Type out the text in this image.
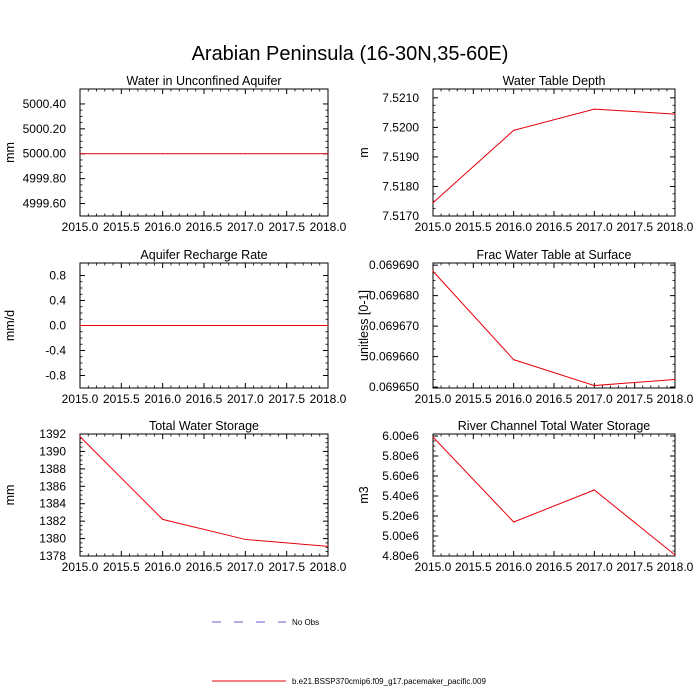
Arabian Peninsula (16-30N,35-60E)
Water in Unconfined Aquifer
2015.0 2015.5 2016.0 2016.5 2017.0 2017.5 2018.0
4999.60
4999.80
5000.00
5000.20
5000.40
mm
Water Table Depth
2015.0 2015.5 2016.0 2016.5 2017.0 2017.5 2018.0
7.5170
7.5180
7.5190
7.5200
7.5210
m
Aquifer Recharge Rate
2015.0 2015.5 2016.0 2016.5 2017.0 2017.5 2018.0
-0.8
-0.4
0.0
0.4
0.8
mm/d
Frac Water Table at Surface
2015.0 2015.5 2016.0 2016.5 2017.0 2017.5 2018.0
0.069650
0.069660
0.069670
0.069680
0.069690
unitless [0-1]
Total Water Storage
2015.0 2015.5 2016.0 2016.5 2017.0 2017.5 2018.0
1378
1380
1382
1384
1386
1388
1390
1392
mm
River Channel Total Water Storage
2015.0 2015.5 2016.0 2016.5 2017.0 2017.5 2018.0
4.80e6
5.00e6
5.20e6
5.40e6
5.60e6
5.80e6
6.00e6
m3
No Obs
b.e21.BSSP370cmip6.f09_g17.pacemaker_pacific.009
